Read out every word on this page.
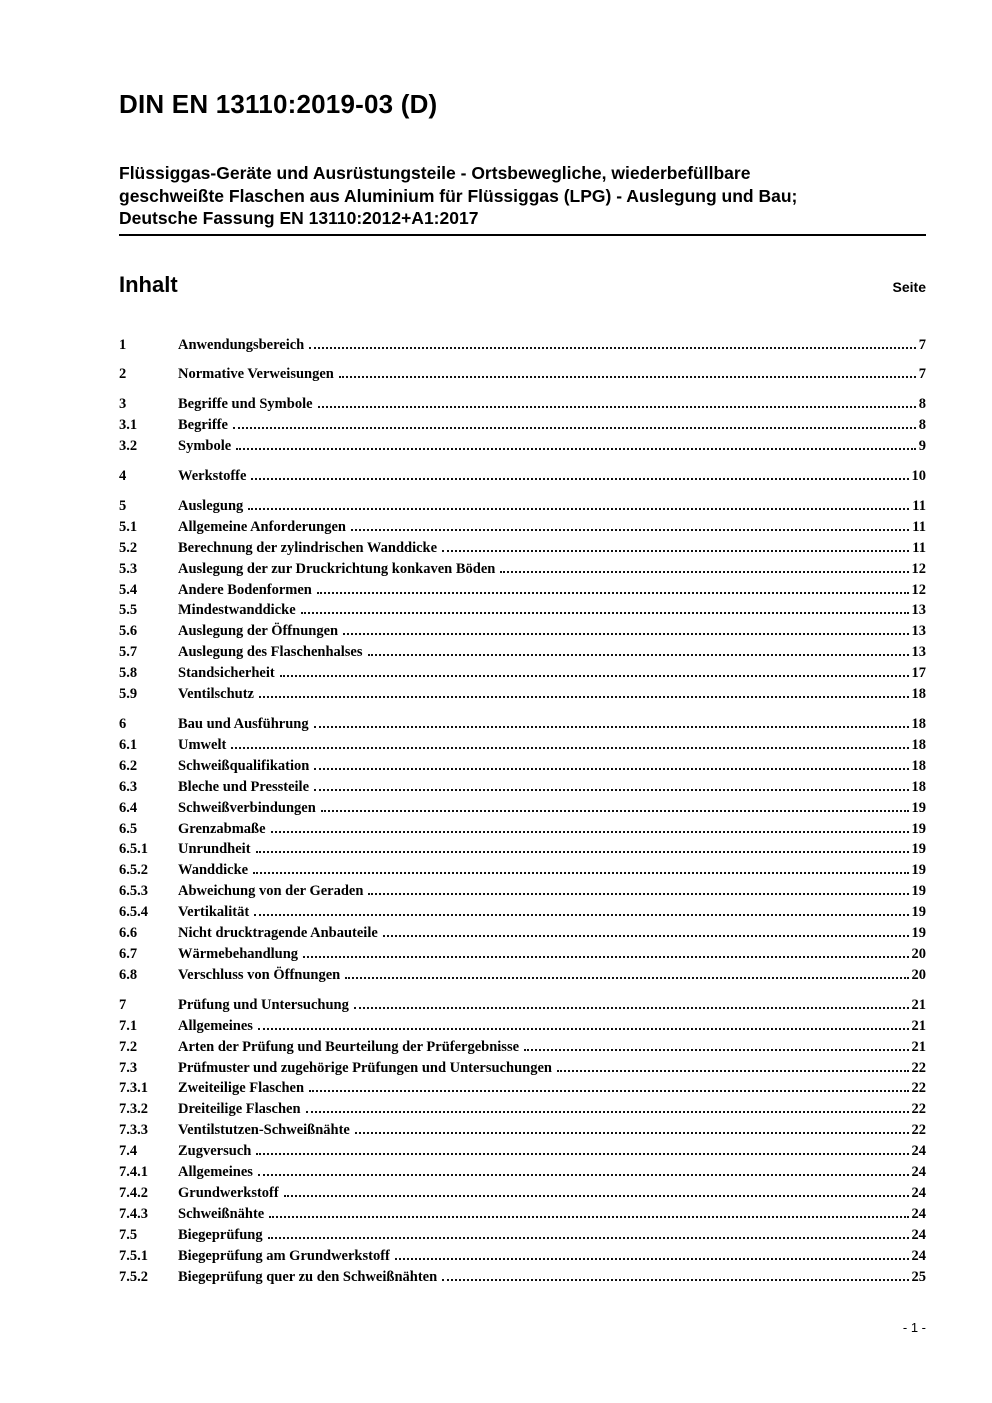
DIN EN 13110:2019-03 (D)
Flüssiggas-Geräte und Ausrüstungsteile - Ortsbewegliche, wiederbefüllbare
geschweißte Flaschen aus Aluminium für Flüssiggas (LPG) - Auslegung und Bau;
Deutsche Fassung EN 13110:2012+A1:2017
Inhalt	Seite
1	Anwendungsbereich	7
2	Normative Verweisungen	7
3	Begriffe und Symbole	8
3.1	Begriffe	8
3.2	Symbole	9
4	Werkstoffe	10
5	Auslegung	11
5.1	Allgemeine Anforderungen	11
5.2	Berechnung der zylindrischen Wanddicke	11
5.3	Auslegung der zur Druckrichtung konkaven Böden	12
5.4	Andere Bodenformen	12
5.5	Mindestwanddicke	13
5.6	Auslegung der Öffnungen	13
5.7	Auslegung des Flaschenhalses	13
5.8	Standsicherheit	17
5.9	Ventilschutz	18
6	Bau und Ausführung	18
6.1	Umwelt	18
6.2	Schweißqualifikation	18
6.3	Bleche und Pressteile	18
6.4	Schweißverbindungen	19
6.5	Grenzabmaße	19
6.5.1	Unrundheit	19
6.5.2	Wanddicke	19
6.5.3	Abweichung von der Geraden	19
6.5.4	Vertikalität	19
6.6	Nicht drucktragende Anbauteile	19
6.7	Wärmebehandlung	20
6.8	Verschluss von Öffnungen	20
7	Prüfung und Untersuchung	21
7.1	Allgemeines	21
7.2	Arten der Prüfung und Beurteilung der Prüfergebnisse	21
7.3	Prüfmuster und zugehörige Prüfungen und Untersuchungen	22
7.3.1	Zweiteilige Flaschen	22
7.3.2	Dreiteilige Flaschen	22
7.3.3	Ventilstutzen-Schweißnähte	22
7.4	Zugversuch	24
7.4.1	Allgemeines	24
7.4.2	Grundwerkstoff	24
7.4.3	Schweißnähte	24
7.5	Biegeprüfung	24
7.5.1	Biegeprüfung am Grundwerkstoff	24
7.5.2	Biegeprüfung quer zu den Schweißnähten	25
- 1 -
